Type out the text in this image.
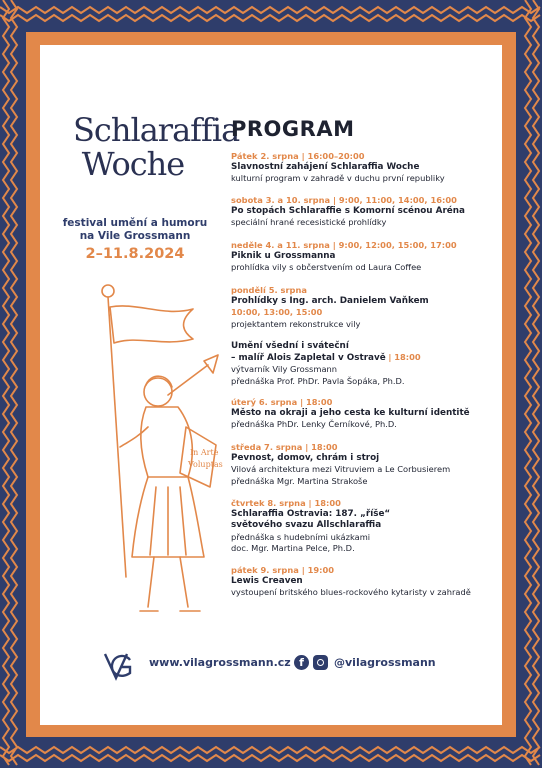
Schlaraffia
Woche
festival umění a humoru
na Vile Grossmann
2–11.8.2024
In Arte
Voluptas
PROGRAM
Pátek 2. srpna | 16:00–20:00
Slavnostní zahájení Schlaraffia Woche
kulturní program v zahradě v duchu první republiky
sobota 3. a 10. srpna | 9:00, 11:00, 14:00, 16:00
Po stopách Schlaraffie s Komorní scénou Aréna
speciální hrané recesistické prohlídky
neděle 4. a 11. srpna | 9:00, 12:00, 15:00, 17:00
Piknik u Grossmanna
prohlídka vily s občerstvením od Laura Coffee
pondělí 5. srpna
Prohlídky s Ing. arch. Danielem Vaňkem
10:00, 13:00, 15:00
projektantem rekonstrukce vily
Umění všední i sváteční
– malíř Alois Zapletal v Ostravě | 18:00
výtvarník Vily Grossmann
přednáška Prof. PhDr. Pavla Šopáka, Ph.D.
úterý 6. srpna | 18:00
Město na okraji a jeho cesta ke kulturní identitě
přednáška PhDr. Lenky Černíkové, Ph.D.
středa 7. srpna | 18:00
Pevnost, domov, chrám i stroj
Vilová architektura mezi Vitruviem a Le Corbusierem
přednáška Mgr. Martina Strakoše
čtvrtek 8. srpna | 18:00
Schlaraffia Ostravia: 187. „říše“
světového svazu Allschlaraffia
přednáška s hudebními ukázkami
doc. Mgr. Martina Pelce, Ph.D.
pátek 9. srpna | 19:00
Lewis Creaven
vystoupení britského blues-rockového kytaristy v zahradě
www.vilagrossmann.cz f	@vilagrossmann
